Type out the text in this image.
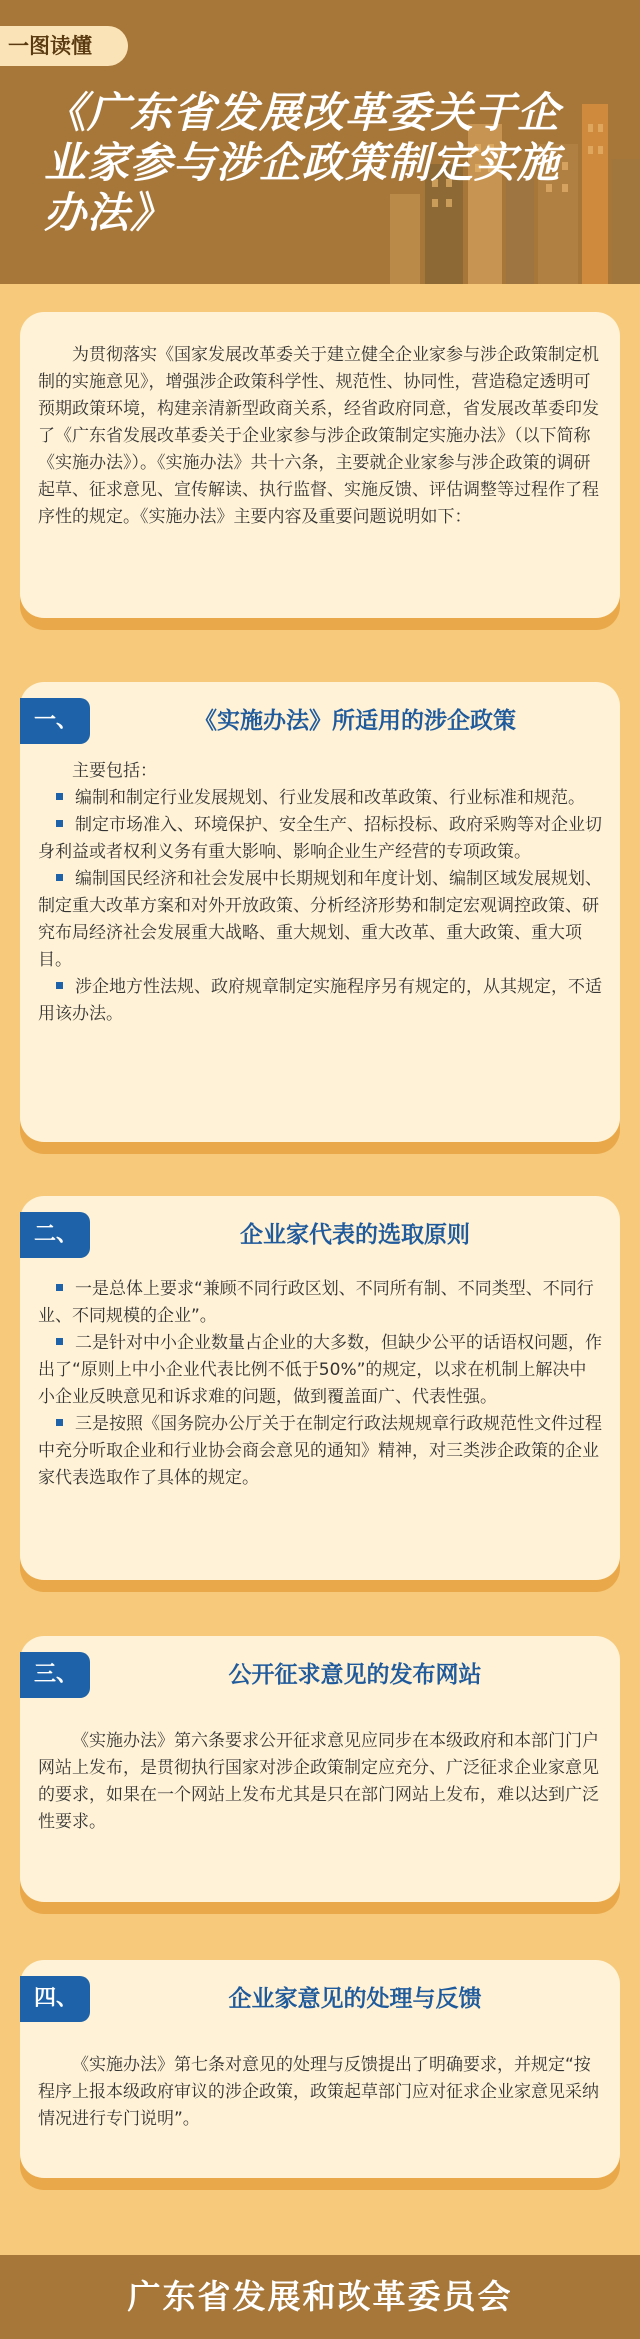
一图读懂
《广东省发展改革委关于企业家参与涉企政策制定实施办法》

为贯彻落实《国家发展改革委关于建立健全企业家参与涉企政策制定机制的实施意见》，增强涉企政策科学性、规范性、协同性，营造稳定透明可预期政策环境，构建亲清新型政商关系，经省政府同意，省发展改革委印发了《广东省发展改革委关于企业家参与涉企政策制定实施办法》（以下简称《实施办法》）。《实施办法》共十六条，主要就企业家参与涉企政策的调研起草、征求意见、宣传解读、执行监督、实施反馈、评估调整等过程作了程序性的规定。《实施办法》主要内容及重要问题说明如下：

一、	《实施办法》所适用的涉企政策

主要包括：

编制和制定行业发展规划、行业发展和改革政策、行业标准和规范。

制定市场准入、环境保护、安全生产、招标投标、政府采购等对企业切身利益或者权利义务有重大影响、影响企业生产经营的专项政策。

编制国民经济和社会发展中长期规划和年度计划、编制区域发展规划、制定重大改革方案和对外开放政策、分析经济形势和制定宏观调控政策、研究布局经济社会发展重大战略、重大规划、重大改革、重大政策、重大项目。

涉企地方性法规、政府规章制定实施程序另有规定的，从其规定，不适用该办法。

二、	企业家代表的选取原则

一是总体上要求“兼顾不同行政区划、不同所有制、不同类型、不同行业、不同规模的企业”。

二是针对中小企业数量占企业的大多数，但缺少公平的话语权问题，作出了“原则上中小企业代表比例不低于50%”的规定，以求在机制上解决中小企业反映意见和诉求难的问题，做到覆盖面广、代表性强。

三是按照《国务院办公厅关于在制定行政法规规章行政规范性文件过程中充分听取企业和行业协会商会意见的通知》精神，对三类涉企政策的企业家代表选取作了具体的规定。

三、	公开征求意见的发布网站

《实施办法》第六条要求公开征求意见应同步在本级政府和本部门门户网站上发布，是贯彻执行国家对涉企政策制定应充分、广泛征求企业家意见的要求，如果在一个网站上发布尤其是只在部门网站上发布，难以达到广泛性要求。

四、	企业家意见的处理与反馈

《实施办法》第七条对意见的处理与反馈提出了明确要求，并规定“按程序上报本级政府审议的涉企政策，政策起草部门应对征求企业家意见采纳情况进行专门说明”。

广东省发展和改革委员会
